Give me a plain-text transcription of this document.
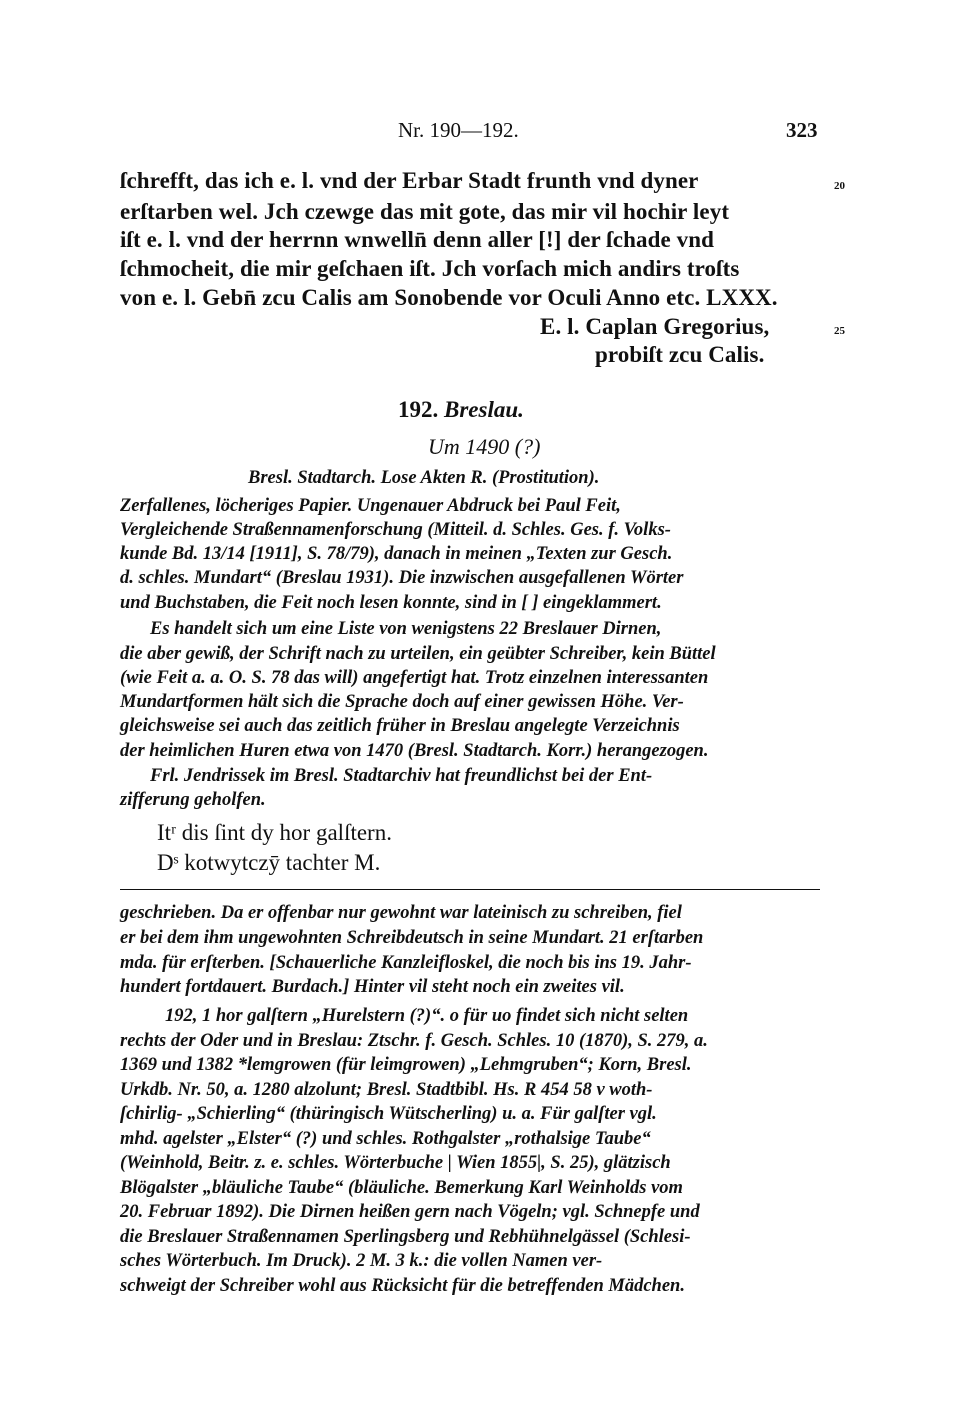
Nr. 190—192.	323
ſchrefft, das ich e. l. vnd der Erbar Stadt frunth vnd dyner	20
erſtarben wel. Jch czewge das mit gote, das mir vil hochir leyt
iſt e. l. vnd der herrnn wnwelln̄ denn aller [!] der ſchade vnd
ſchmocheit, die mir geſchaen iſt. Jch vorſach mich andirs troſts
von e. l. Gebn̄ zcu Calis am Sonobende vor Oculi Anno etc. LXXX.
E. l. Caplan Gregorius,	25
probiſt zcu Calis.
192. Breslau.
Um 1490 (?)
Bresl. Stadtarch. Lose Akten R. (Prostitution).
Zerfallenes, löcheriges Papier. Ungenauer Abdruck bei Paul Feit,
Vergleichende Straßennamenforschung (Mitteil. d. Schles. Ges. f. Volks-
kunde Bd. 13/14 [1911], S. 78/79), danach in meinen „Texten zur Gesch.
d. schles. Mundart“ (Breslau 1931). Die inzwischen ausgefallenen Wörter
und Buchstaben, die Feit noch lesen konnte, sind in [ ] eingeklammert.
Es handelt sich um eine Liste von wenigstens 22 Breslauer Dirnen,
die aber gewiß, der Schrift nach zu urteilen, ein geübter Schreiber, kein Büttel
(wie Feit a. a. O. S. 78 das will) angefertigt hat. Trotz einzelnen interessanten
Mundartformen hält sich die Sprache doch auf einer gewissen Höhe. Ver-
gleichsweise sei auch das zeitlich früher in Breslau angelegte Verzeichnis
der heimlichen Huren etwa von 1470 (Bresl. Stadtarch. Korr.) herangezogen.
Frl. Jendrissek im Bresl. Stadtarchiv hat freundlichst bei der Ent-
zifferung geholfen.
Itʳ dis ſint dy hor galſtern.
Dˢ kotwytczȳ tachter M.
geschrieben. Da er offenbar nur gewohnt war lateinisch zu schreiben, fiel
er bei dem ihm ungewohnten Schreibdeutsch in seine Mundart. 21 erſtarben
mda. für erſterben. [Schauerliche Kanzleifloskel, die noch bis ins 19. Jahr-
hundert fortdauert. Burdach.] Hinter vil steht noch ein zweites vil.
192, 1 hor galſtern „Hurelstern (?)“. o für uo findet sich nicht selten
rechts der Oder und in Breslau: Ztschr. f. Gesch. Schles. 10 (1870), S. 279, a.
1369 und 1382 *lemgrowen (für leimgrowen) „Lehmgruben“; Korn, Bresl.
Urkdb. Nr. 50, a. 1280 alzolunt; Bresl. Stadtbibl. Hs. R 454 58 v woth-
ſchirlig- „Schierling“ (thüringisch Wütscherling) u. a. Für galſter vgl.
mhd. agelster „Elster“ (?) und schles. Rothgalster „rothalsige Taube“
(Weinhold, Beitr. z. e. schles. Wörterbuche | Wien 1855|, S. 25), glätzisch
Blögalster „bläuliche Taube“ (bläuliche. Bemerkung Karl Weinholds vom
20. Februar 1892). Die Dirnen heißen gern nach Vögeln; vgl. Schnepfe und
die Breslauer Straßennamen Sperlingsberg und Rebhühnelgässel (Schlesi-
sches Wörterbuch. Im Druck). 2 M. 3 k.: die vollen Namen ver-
schweigt der Schreiber wohl aus Rücksicht für die betreffenden Mädchen.
